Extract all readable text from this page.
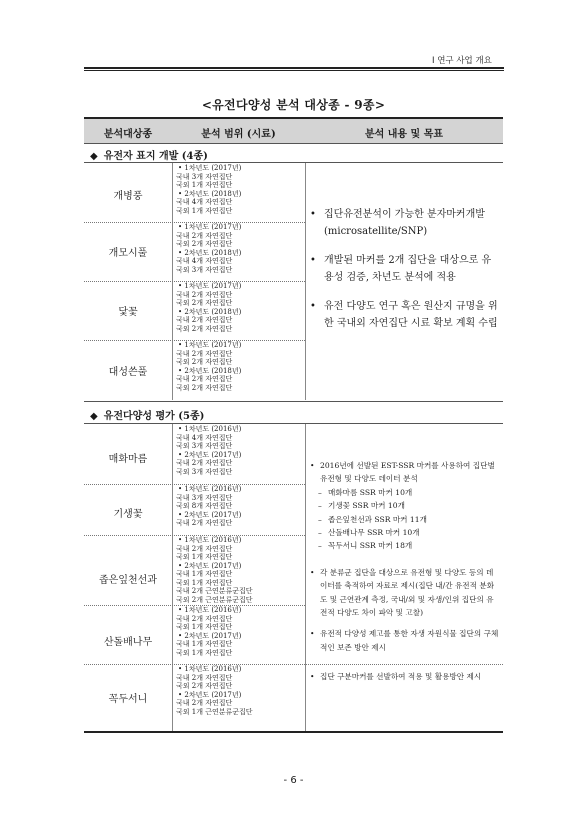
Ⅰ 연구 사업 개요
<유전다양성 분석 대상종 - 9종>
분석대상종	분석 범위 (시료)	분석 내용 및 목표
◆ 유전자 표지 개발 (4종)
개병풍
• 1차년도 (2017년)
국내 3개 자연집단
국외 1개 자연집단
• 2차년도 (2018년)
국내 4개 자연집단
국외 1개 자연집단
개모시풀
• 1차년도 (2017년)
국내 2개 자연집단
국외 2개 자연집단
• 2차년도 (2018년)
국내 4개 자연집단
국외 3개 자연집단
닻꽃
• 1차년도 (2017년)
국내 2개 자연집단
국외 2개 자연집단
• 2차년도 (2018년)
국내 2개 자연집단
국외 2개 자연집단
대성쓴풀
• 1차년도 (2017년)
국내 2개 자연집단
국외 2개 자연집단
• 2차년도 (2018년)
국내 2개 자연집단
국외 2개 자연집단
• 집단유전분석이 가능한 분자마커개발 (microsatellite/SNP)
• 개발된 마커를 2개 집단을 대상으로 유용성 검증, 차년도 분석에 적용
• 유전 다양도 연구 혹은 원산지 규명을 위한 국내외 자연집단 시료 확보 계획 수립
◆ 유전다양성 평가 (5종)
매화마름
• 1차년도 (2016년)
국내 4개 자연집단
국외 3개 자연집단
• 2차년도 (2017년)
국내 2개 자연집단
국외 3개 자연집단
기생꽃
• 1차년도 (2016년)
국내 3개 자연집단
국외 8개 자연집단
• 2차년도 (2017년)
국내 2개 자연집단
좁은잎천선과
• 1차년도 (2016년)
국내 2개 자연집단
국외 1개 자연집단
• 2차년도 (2017년)
국내 1개 자연집단
국외 1개 자연집단
국내 2개 근연분류군집단
국외 2개 근연분류군집단
산돌배나무
• 1차년도 (2016년)
국내 2개 자연집단
국외 1개 자연집단
• 2차년도 (2017년)
국내 1개 자연집단
국외 1개 자연집단
꼭두서니
• 1차년도 (2016년)
국내 2개 자연집단
국외 2개 자연집단
• 2차년도 (2017년)
국내 2개 자연집단
국외 1개 근연분류군집단
• 2016년에 선발된 EST-SSR 마커를 사용하여 집단별 유전형 및 다양도 데이터 분석
– 매화마름 SSR 마커 10개
– 기생꽃 SSR 마커 10개
– 좁은잎천선과 SSR 마커 11개
– 산돌배나무 SSR 마커 10개
– 꼭두서니 SSR 마커 18개
• 각 분류군 집단을 대상으로 유전형 및 다양도 등의 데이터를 축적하여 자료로 제시(집단 내/간 유전적 분화도 및 근연관계 측정, 국내/외 및 자생/인위 집단의 유전적 다양도 차이 파악 및 고찰)
• 유전적 다양성 제고를 통한 자생 자원식물 집단의 구체적인 보존 방안 제시
• 집단 구분마커를 선발하여 적용 및 활용방안 제시
- 6 -
